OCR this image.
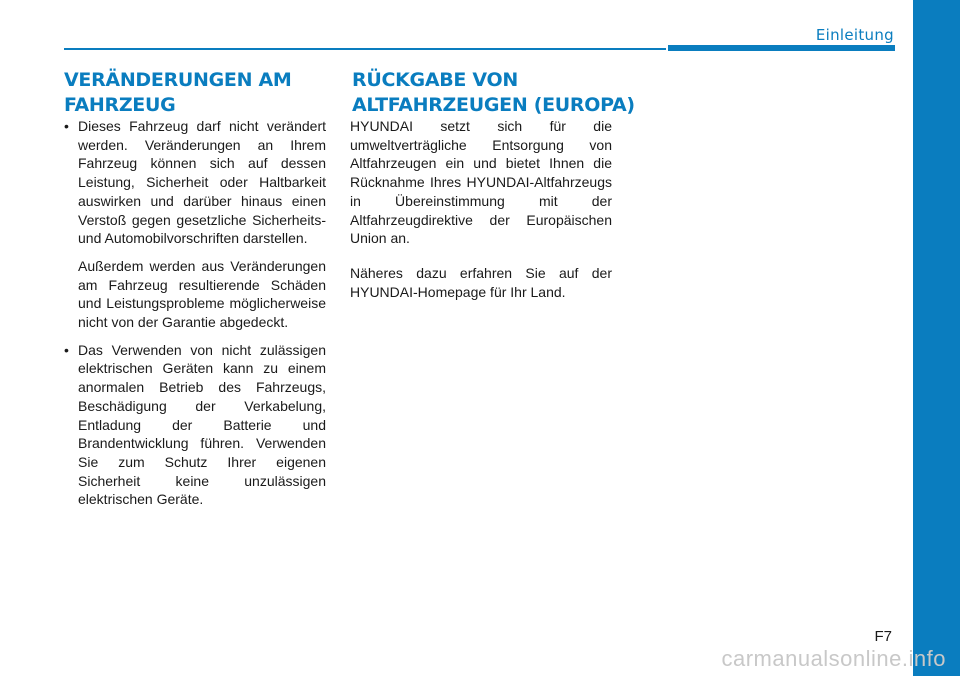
Einleitung
VERÄNDERUNGEN AM FAHRZEUG
• Dieses Fahrzeug darf nicht verändert werden. Veränderungen an Ihrem Fahrzeug können sich auf dessen Leistung, Sicherheit oder Haltbarkeit auswirken und darüber hinaus einen Verstoß gegen gesetzliche Sicherheits- und Automobilvorschriften darstellen.

Außerdem werden aus Veränderungen am Fahrzeug resultierende Schäden und Leistungsprobleme möglicherweise nicht von der Garantie abgedeckt.

• Das Verwenden von nicht zulässigen elektrischen Geräten kann zu einem anormalen Betrieb des Fahrzeugs, Beschädigung der Verkabelung, Entladung der Batterie und Brandentwicklung führen. Verwenden Sie zum Schutz Ihrer eigenen Sicherheit keine unzulässigen elektrischen Geräte.

RÜCKGABE VON ALTFAHRZEUGEN (EUROPA)

HYUNDAI setzt sich für die umweltverträgliche Entsorgung von Altfahrzeugen ein und bietet Ihnen die Rücknahme Ihres HYUNDAI-Altfahrzeugs in Übereinstimmung mit der Altfahrzeugdirektive der Europäischen Union an.

Näheres dazu erfahren Sie auf der HYUNDAI-Homepage für Ihr Land.

F7
carmanualsonline.info
